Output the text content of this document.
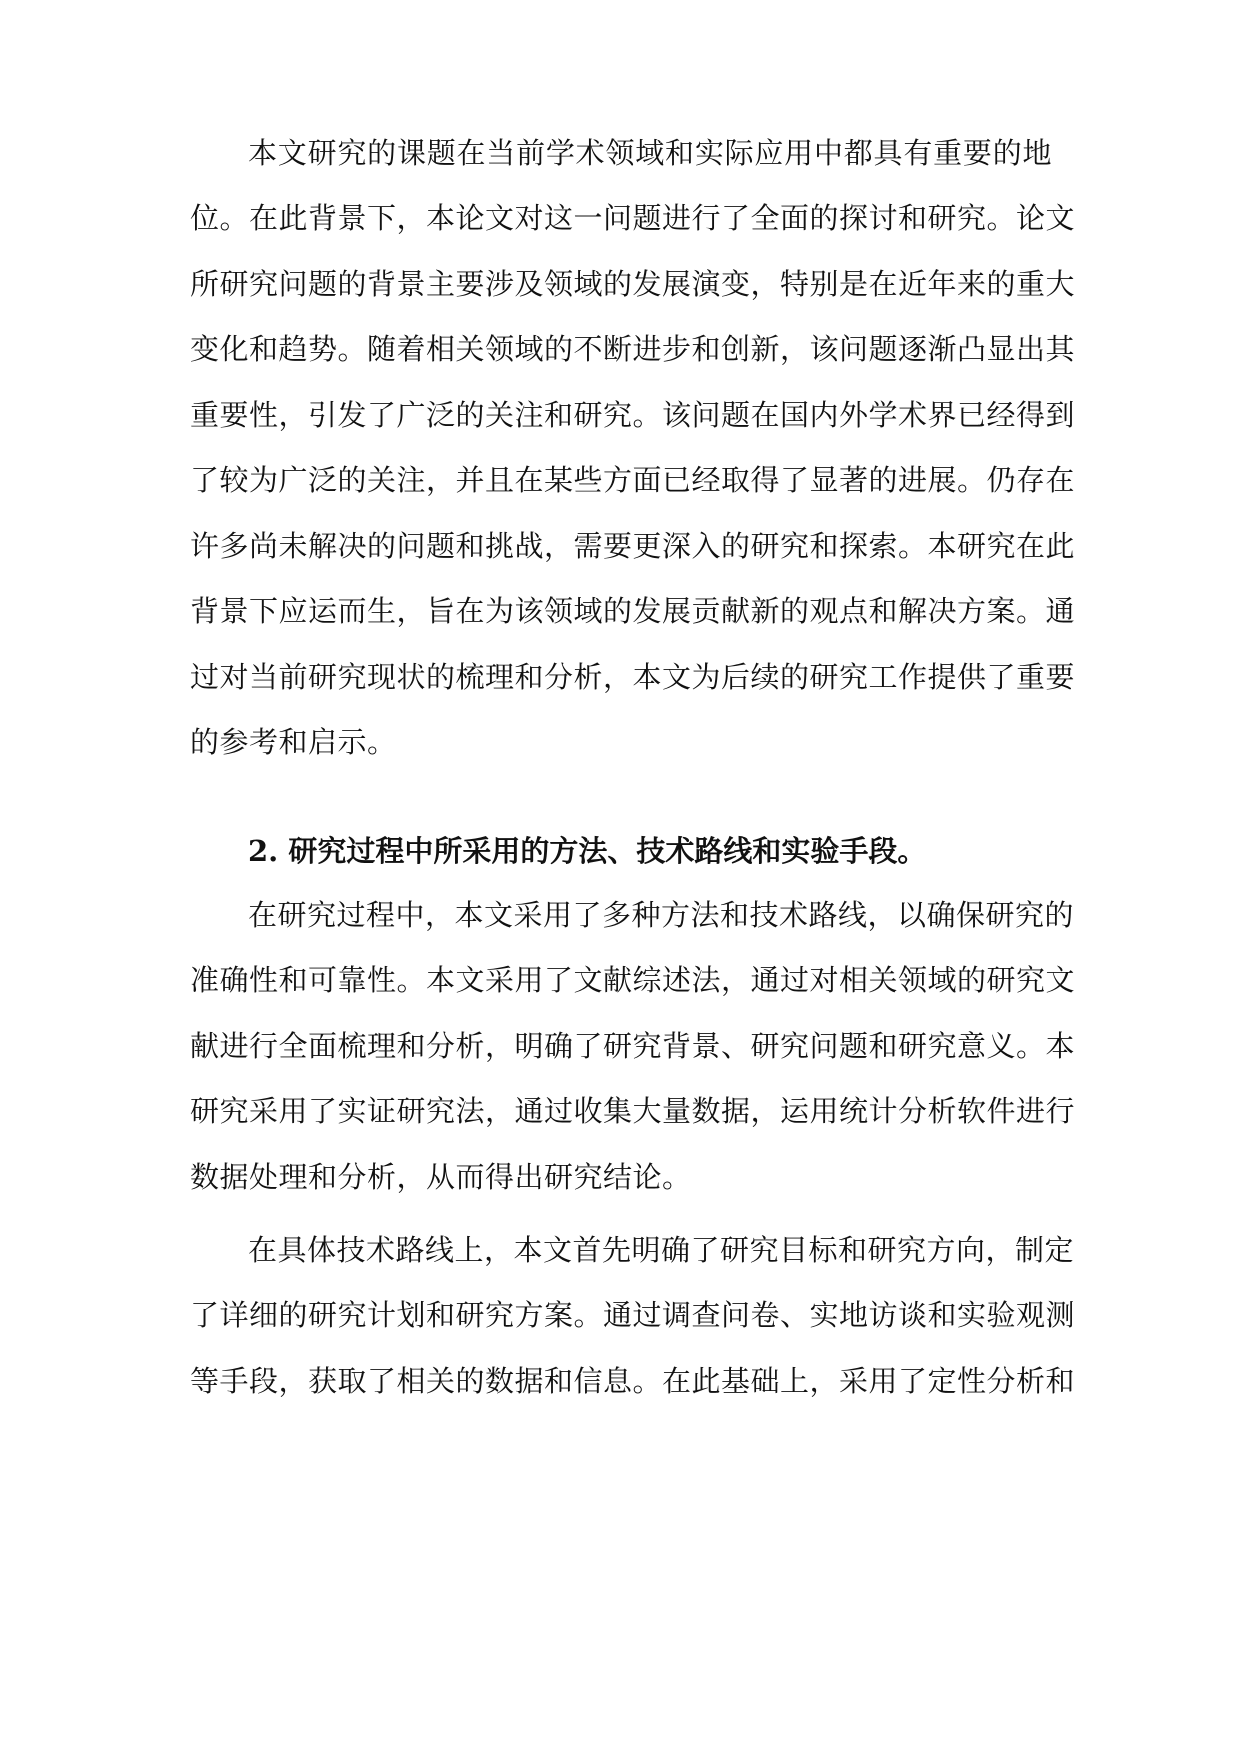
本文研究的课题在当前学术领域和实际应用中都具有重要的地
位。在此背景下，本论文对这一问题进行了全面的探讨和研究。论文
所研究问题的背景主要涉及领域的发展演变，特别是在近年来的重大
变化和趋势。随着相关领域的不断进步和创新，该问题逐渐凸显出其
重要性，引发了广泛的关注和研究。该问题在国内外学术界已经得到
了较为广泛的关注，并且在某些方面已经取得了显著的进展。仍存在
许多尚未解决的问题和挑战，需要更深入的研究和探索。本研究在此
背景下应运而生，旨在为该领域的发展贡献新的观点和解决方案。通
过对当前研究现状的梳理和分析，本文为后续的研究工作提供了重要
的参考和启示。
2. 研究过程中所采用的方法、技术路线和实验手段。
在研究过程中，本文采用了多种方法和技术路线，以确保研究的
准确性和可靠性。本文采用了文献综述法，通过对相关领域的研究文
献进行全面梳理和分析，明确了研究背景、研究问题和研究意义。本
研究采用了实证研究法，通过收集大量数据，运用统计分析软件进行
数据处理和分析，从而得出研究结论。
在具体技术路线上，本文首先明确了研究目标和研究方向，制定
了详细的研究计划和研究方案。通过调查问卷、实地访谈和实验观测
等手段，获取了相关的数据和信息。在此基础上，采用了定性分析和
